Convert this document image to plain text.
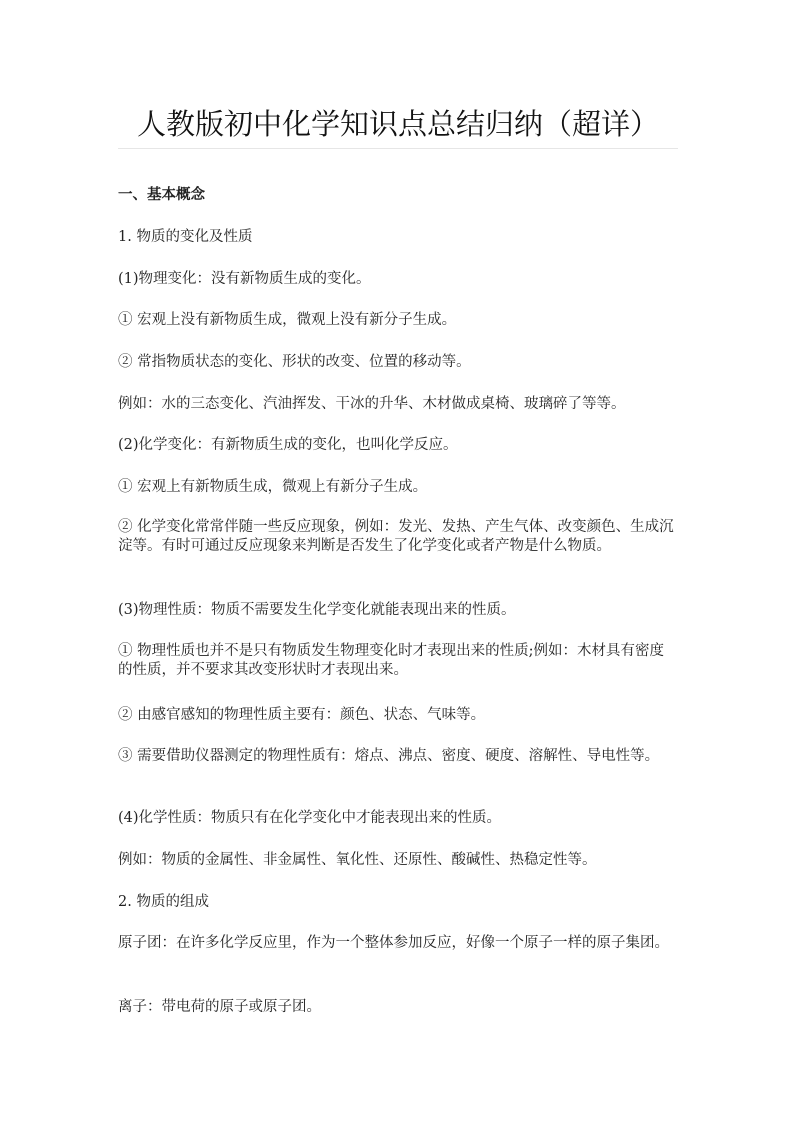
人教版初中化学知识点总结归纳（超详）

一、基本概念

1. 物质的变化及性质

(1)物理变化：没有新物质生成的变化。

① 宏观上没有新物质生成，微观上没有新分子生成。

② 常指物质状态的变化、形状的改变、位置的移动等。

例如：水的三态变化、汽油挥发、干冰的升华、木材做成桌椅、玻璃碎了等等。

(2)化学变化：有新物质生成的变化，也叫化学反应。

① 宏观上有新物质生成，微观上有新分子生成。

② 化学变化常常伴随一些反应现象，例如：发光、发热、产生气体、改变颜色、生成沉淀等。有时可通过反应现象来判断是否发生了化学变化或者产物是什么物质。

(3)物理性质：物质不需要发生化学变化就能表现出来的性质。

① 物理性质也并不是只有物质发生物理变化时才表现出来的性质;例如：木材具有密度的性质，并不要求其改变形状时才表现出来。

② 由感官感知的物理性质主要有：颜色、状态、气味等。

③ 需要借助仪器测定的物理性质有：熔点、沸点、密度、硬度、溶解性、导电性等。

(4)化学性质：物质只有在化学变化中才能表现出来的性质。

例如：物质的金属性、非金属性、氧化性、还原性、酸碱性、热稳定性等。

2. 物质的组成

原子团：在许多化学反应里，作为一个整体参加反应，好像一个原子一样的原子集团。

离子：带电荷的原子或原子团。
